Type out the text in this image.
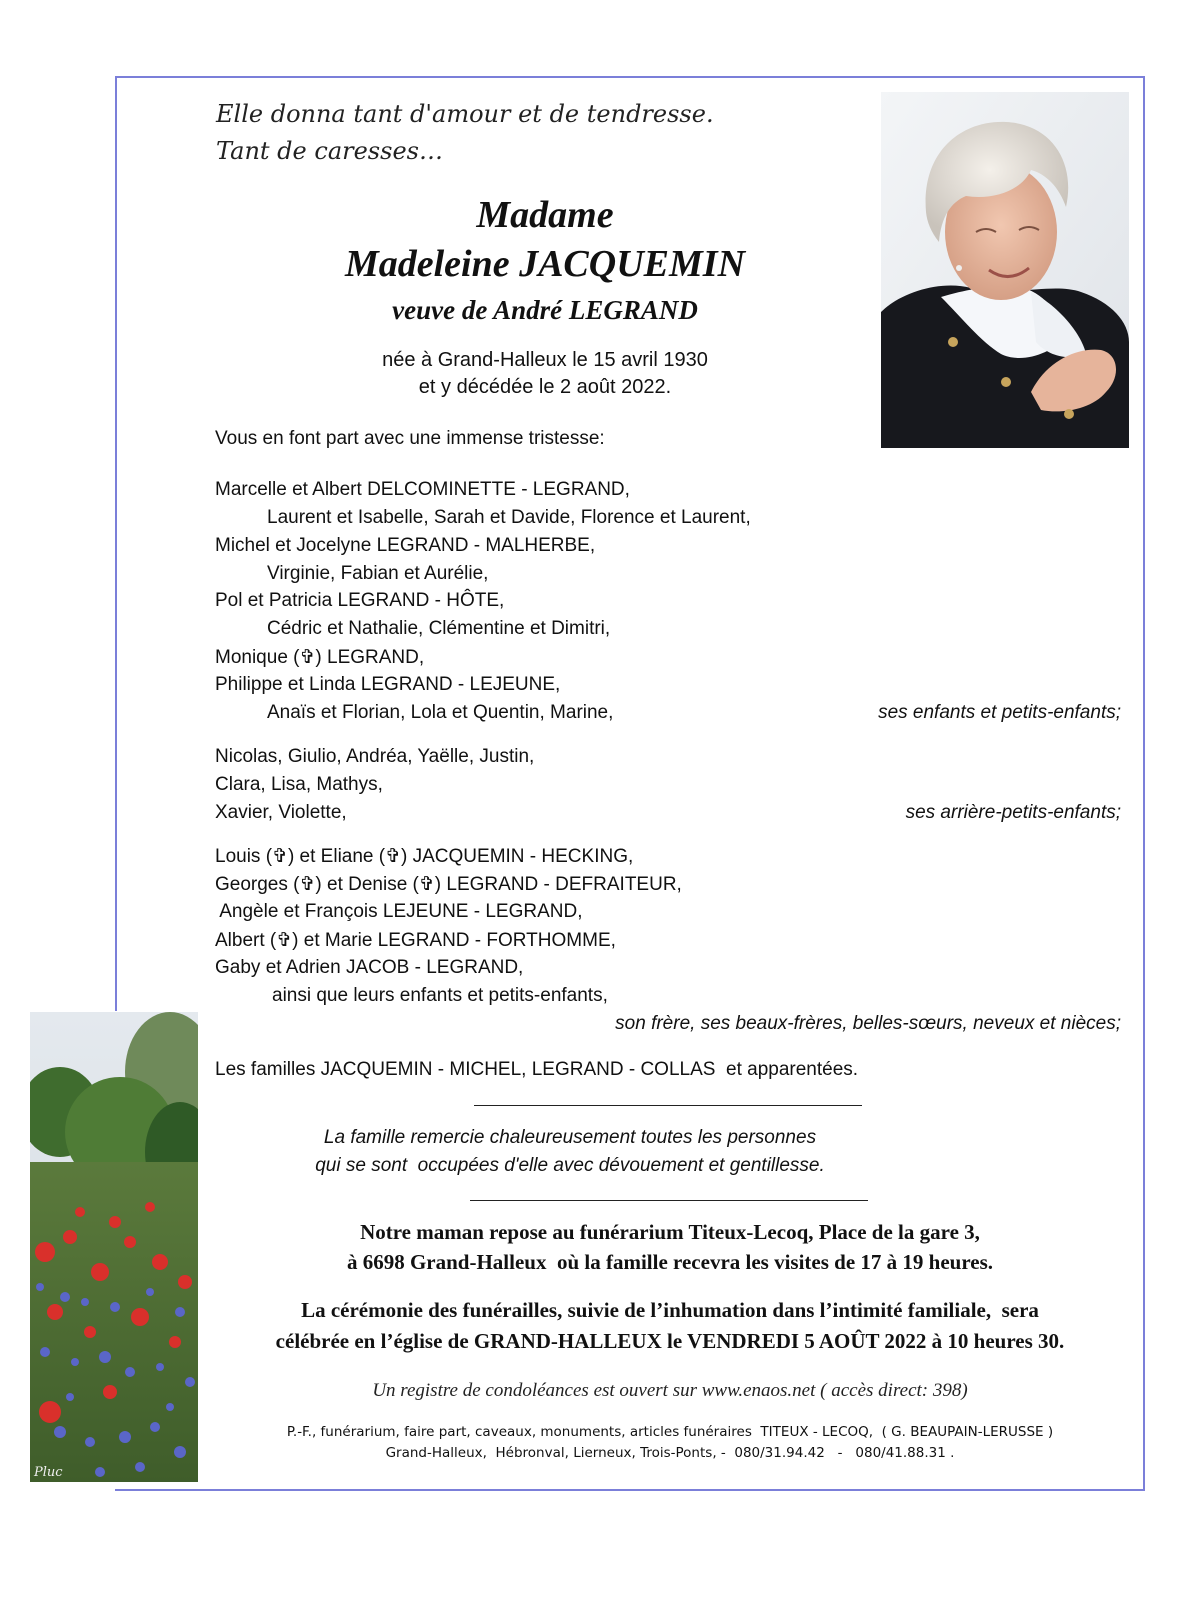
Pluc
Elle donna tant d'amour et de tendresse.
Tant de caresses…
Madame
Madeleine JACQUEMIN
veuve de André LEGRAND
née à Grand-Halleux le 15 avril 1930
et y décédée le 2 août 2022.
Vous en font part avec une immense tristesse:
Marcelle et Albert DELCOMINETTE - LEGRAND,
Laurent et Isabelle, Sarah et Davide, Florence et Laurent,
Michel et Jocelyne LEGRAND - MALHERBE,
Virginie, Fabian et Aurélie,
Pol et Patricia LEGRAND - HÔTE,
Cédric et Nathalie, Clémentine et Dimitri,
Monique (✞) LEGRAND,
Philippe et Linda LEGRAND - LEJEUNE,
Anaïs et Florian, Lola et Quentin, Marine,	ses enfants et petits-enfants;
Nicolas, Giulio, Andréa, Yaëlle, Justin,
Clara, Lisa, Mathys,
Xavier, Violette,	ses arrière-petits-enfants;
Louis (✞) et Eliane (✞) JACQUEMIN - HECKING,
Georges (✞) et Denise (✞) LEGRAND - DEFRAITEUR,
Angèle et François LEJEUNE - LEGRAND,
Albert (✞) et Marie LEGRAND - FORTHOMME,
Gaby et Adrien JACOB - LEGRAND,
ainsi que leurs enfants et petits-enfants,
son frère, ses beaux-frères, belles-sœurs, neveux et nièces;
Les familles JACQUEMIN - MICHEL, LEGRAND - COLLAS  et apparentées.
La famille remercie chaleureusement toutes les personnes
qui se sont  occupées d'elle avec dévouement et gentillesse.
Notre maman repose au funérarium Titeux-Lecoq, Place de la gare 3,
à 6698 Grand-Halleux  où la famille recevra les visites de 17 à 19 heures.
La cérémonie des funérailles, suivie de l’inhumation dans l’intimité familiale,  sera
célébrée en l’église de GRAND-HALLEUX le VENDREDI 5 AOÛT 2022 à 10 heures 30.
Un registre de condoléances est ouvert sur www.enaos.net ( accès direct: 398)
P.-F., funérarium, faire part, caveaux, monuments, articles funéraires  TITEUX - LECOQ,  ( G. BEAUPAIN-LERUSSE )
Grand-Halleux,  Hébronval, Lierneux, Trois-Ponts, -  080/31.94.42   -   080/41.88.31 .
